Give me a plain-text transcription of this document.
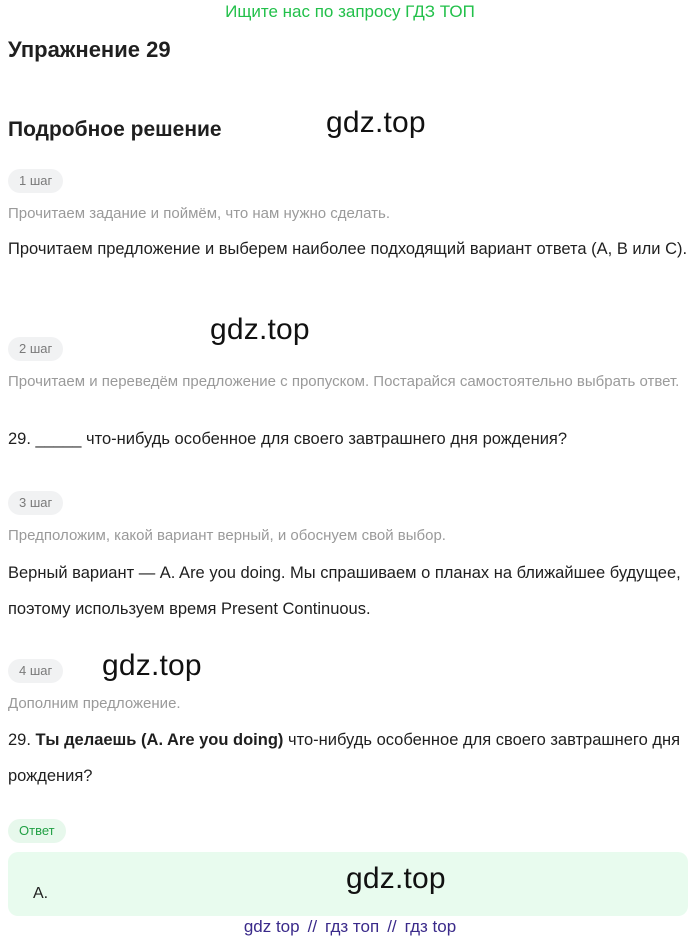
Ищите нас по запросу ГДЗ ТОП
Упражнение 29
Подробное решение	gdz.top
1 шаг
Прочитаем задание и поймём, что нам нужно сделать.
Прочитаем предложение и выберем наиболее подходящий вариант ответа (A, B или C).
gdz.top
2 шаг
Прочитаем и переведём предложение с пропуском. Постарайся самостоятельно выбрать ответ.
29. _____ что-нибудь особенное для своего завтрашнего дня рождения?
3 шаг
Предположим, какой вариант верный, и обоснуем свой выбор.
Верный вариант — A. Are you doing. Мы спрашиваем о планах на ближайшее будущее, поэтому используем время Present Continuous.
4 шаг	gdz.top
Дополним предложение.
29. Ты делаешь (A. Are you doing) что-нибудь особенное для своего завтрашнего дня рождения?
Ответ
A.	gdz.top
gdz top // гдз топ // гдз top
